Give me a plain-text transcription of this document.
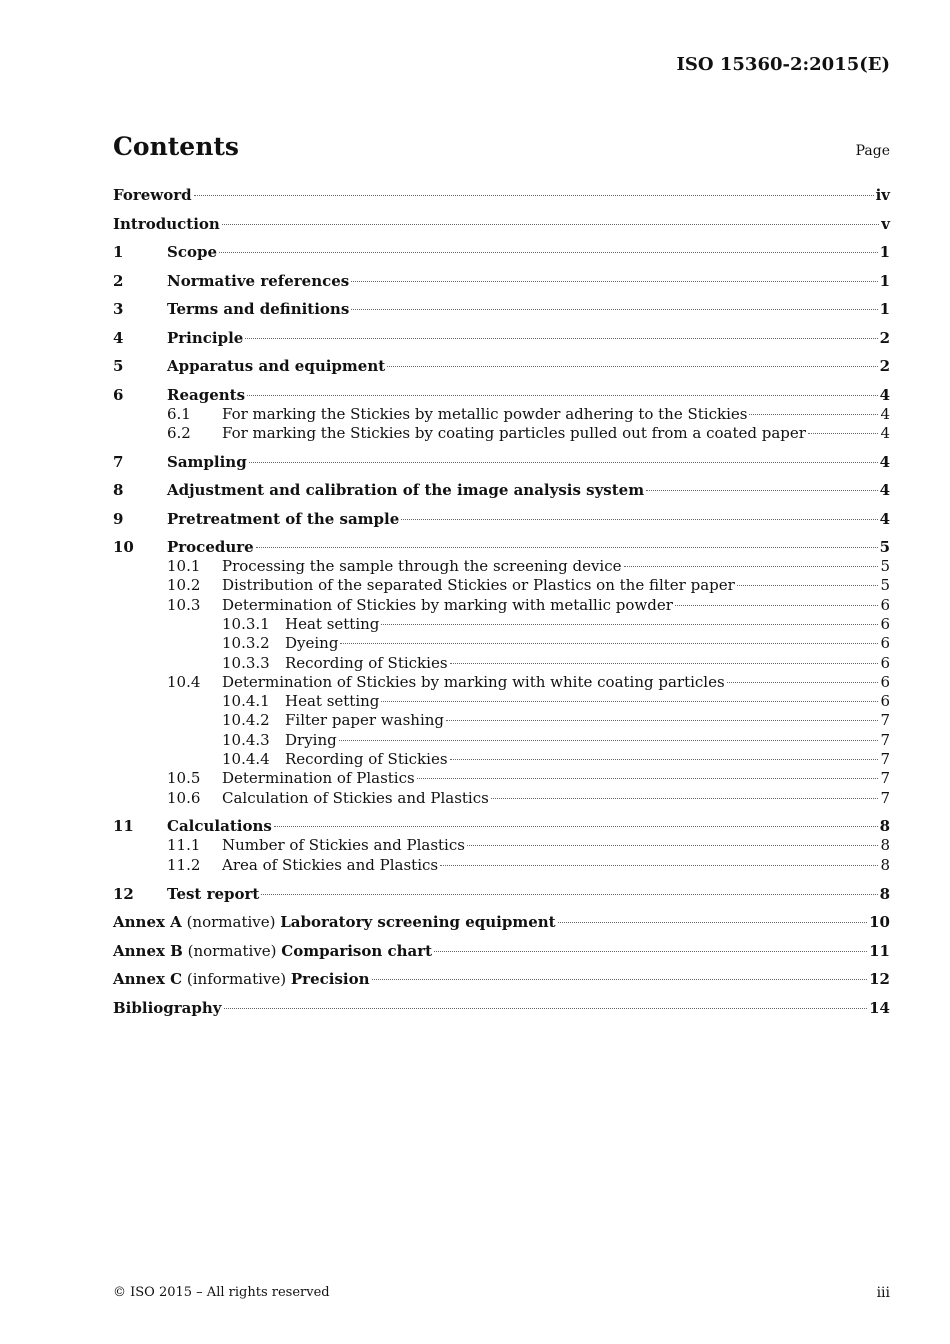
ISO 15360-2:2015(E)
Contents	Page
Foreword	iv
Introduction	v
1	Scope	1
2	Normative references	1
3	Terms and definitions	1
4	Principle	2
5	Apparatus and equipment	2
6	Reagents	4
6.1	For marking the Stickies by metallic powder adhering to the Stickies	4
6.2	For marking the Stickies by coating particles pulled out from a coated paper	4
7	Sampling	4
8	Adjustment and calibration of the image analysis system	4
9	Pretreatment of the sample	4
10	Procedure	5
10.1	Processing the sample through the screening device	5
10.2	Distribution of the separated Stickies or Plastics on the filter paper	5
10.3	Determination of Stickies by marking with metallic powder	6
10.3.1	Heat setting	6
10.3.2	Dyeing	6
10.3.3	Recording of Stickies	6
10.4	Determination of Stickies by marking with white coating particles	6
10.4.1	Heat setting	6
10.4.2	Filter paper washing	7
10.4.3	Drying	7
10.4.4	Recording of Stickies	7
10.5	Determination of Plastics	7
10.6	Calculation of Stickies and Plastics	7
11	Calculations	8
11.1	Number of Stickies and Plastics	8
11.2	Area of Stickies and Plastics	8
12	Test report	8
Annex A (normative) Laboratory screening equipment	10
Annex B (normative) Comparison chart	11
Annex C (informative) Precision	12
Bibliography	14
© ISO 2015 – All rights reserved	iii
